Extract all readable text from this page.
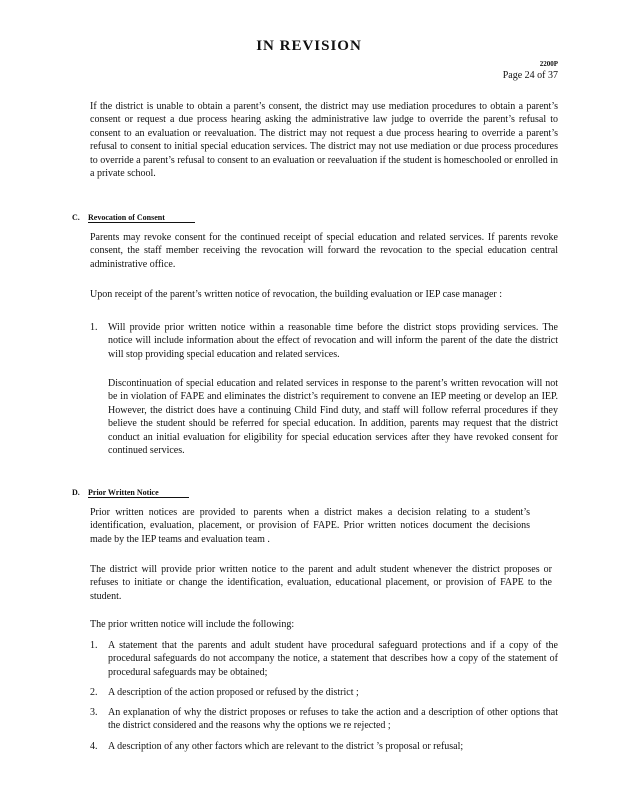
IN REVISION
2200P
Page 24 of 37

If the district is unable to obtain a parent’s consent, the district may use mediation procedures to obtain a parent’s consent or request a due process hearing asking the administrative law judge to override the parent’s refusal to consent to an evaluation or reevaluation. The district may not request a due process hearing to override a parent’s refusal to consent to initial special education services. The district may not use mediation or due process procedures to override a parent’s refusal to consent to an evaluation or reevaluation if the student is homeschooled or enrolled in a private school.

C. Revocation of Consent

Parents may revoke consent for the continued receipt of special education and related services. If parents revoke consent, the staff member receiving the revocation will forward the revocation to the special education central administrative office.

Upon receipt of the parent’s written notice of revocation, the building evaluation or IEP case manager :

1.	Will provide prior written notice within a reasonable time before the district stops providing services. The notice will include information about the effect of revocation and will inform the parent of the date the district will stop providing special education and related services.

Discontinuation of special education and related services in response to the parent’s written revocation will not be in violation of FAPE and eliminates the district’s requirement to convene an IEP meeting or develop an IEP. However, the district does have a continuing Child Find duty, and staff will follow referral procedures if they believe the student should be referred for special education. In addition, parents may request that the district conduct an initial evaluation for eligibility for special education services after they have revoked consent for continued services.

D. Prior Written Notice

Prior written notices are provided to parents when a district makes a decision relating to a student’s identification, evaluation, placement, or provision of FAPE. Prior written notices document the decisions made by the IEP teams and evaluation team .

The district will provide prior written notice to the parent and adult student whenever the district proposes or refuses to initiate or change the identification, evaluation, educational placement, or provision of FAPE to the student.

The prior written notice will include the following:

1.	A statement that the parents and adult student have procedural safeguard protections and if a copy of the procedural safeguards do not accompany the notice, a statement that describes how a copy of the statement of procedural safeguards may be obtained;
2.	A description of the action proposed or refused by the district ;
3.	An explanation of why the district proposes or refuses to take the action and a description of other options that the district considered and the reasons why the options we re rejected ;
4.	A description of any other factors which are relevant to the district ’s proposal or refusal;
